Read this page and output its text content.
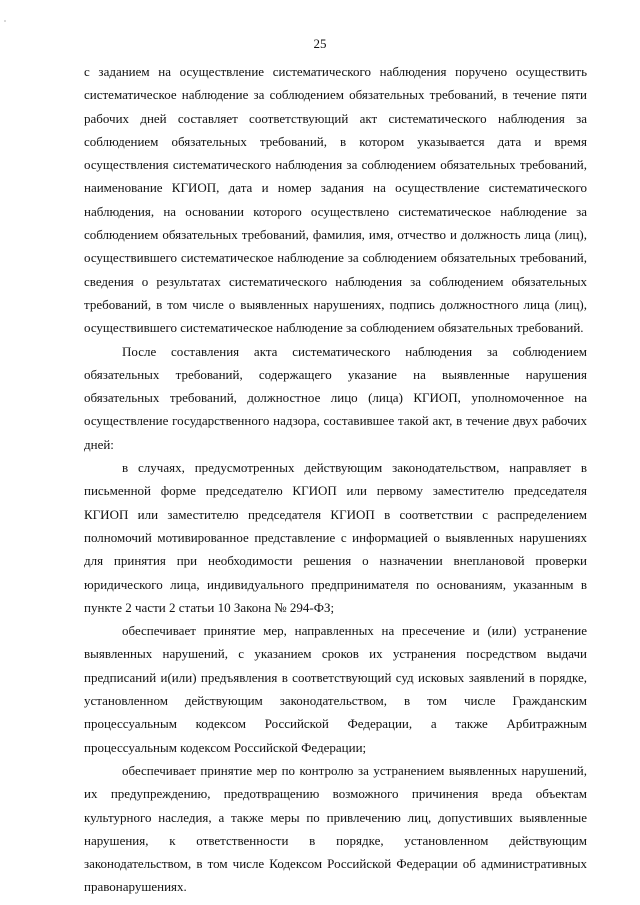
25

с заданием на осуществление систематического наблюдения поручено осуществить систематическое наблюдение за соблюдением обязательных требований, в течение пяти рабочих дней составляет соответствующий акт систематического наблюдения за соблюдением обязательных требований, в котором указывается дата и время осуществления систематического наблюдения за соблюдением обязательных требований, наименование КГИОП, дата и номер задания на осуществление систематического наблюдения, на основании которого осуществлено систематическое наблюдение за соблюдением обязательных требований, фамилия, имя, отчество и должность лица (лиц), осуществившего систематическое наблюдение за соблюдением обязательных требований, сведения о результатах систематического наблюдения за соблюдением обязательных требований, в том числе о выявленных нарушениях, подпись должностного лица (лиц), осуществившего систематическое наблюдение за соблюдением обязательных требований.

После составления акта систематического наблюдения за соблюдением обязательных требований, содержащего указание на выявленные нарушения обязательных требований, должностное лицо (лица) КГИОП, уполномоченное на осуществление государственного надзора, составившее такой акт, в течение двух рабочих дней:

в случаях, предусмотренных действующим законодательством, направляет в письменной форме председателю КГИОП или первому заместителю председателя КГИОП или заместителю председателя КГИОП в соответствии с распределением полномочий мотивированное представление с информацией о выявленных нарушениях для принятия при необходимости решения о назначении внеплановой проверки юридического лица, индивидуального предпринимателя по основаниям, указанным в пункте 2 части 2 статьи 10 Закона № 294-ФЗ;

обеспечивает принятие мер, направленных на пресечение и (или) устранение выявленных нарушений, с указанием сроков их устранения посредством выдачи предписаний и(или) предъявления в соответствующий суд исковых заявлений в порядке, установленном действующим законодательством, в том числе Гражданским процессуальным кодексом Российской Федерации, а также Арбитражным процессуальным кодексом Российской Федерации;

обеспечивает принятие мер по контролю за устранением выявленных нарушений, их предупреждению, предотвращению возможного причинения вреда объектам культурного наследия, а также меры по привлечению лиц, допустивших выявленные нарушения, к ответственности в порядке, установленном действующим законодательством, в том числе Кодексом Российской Федерации об административных правонарушениях.
